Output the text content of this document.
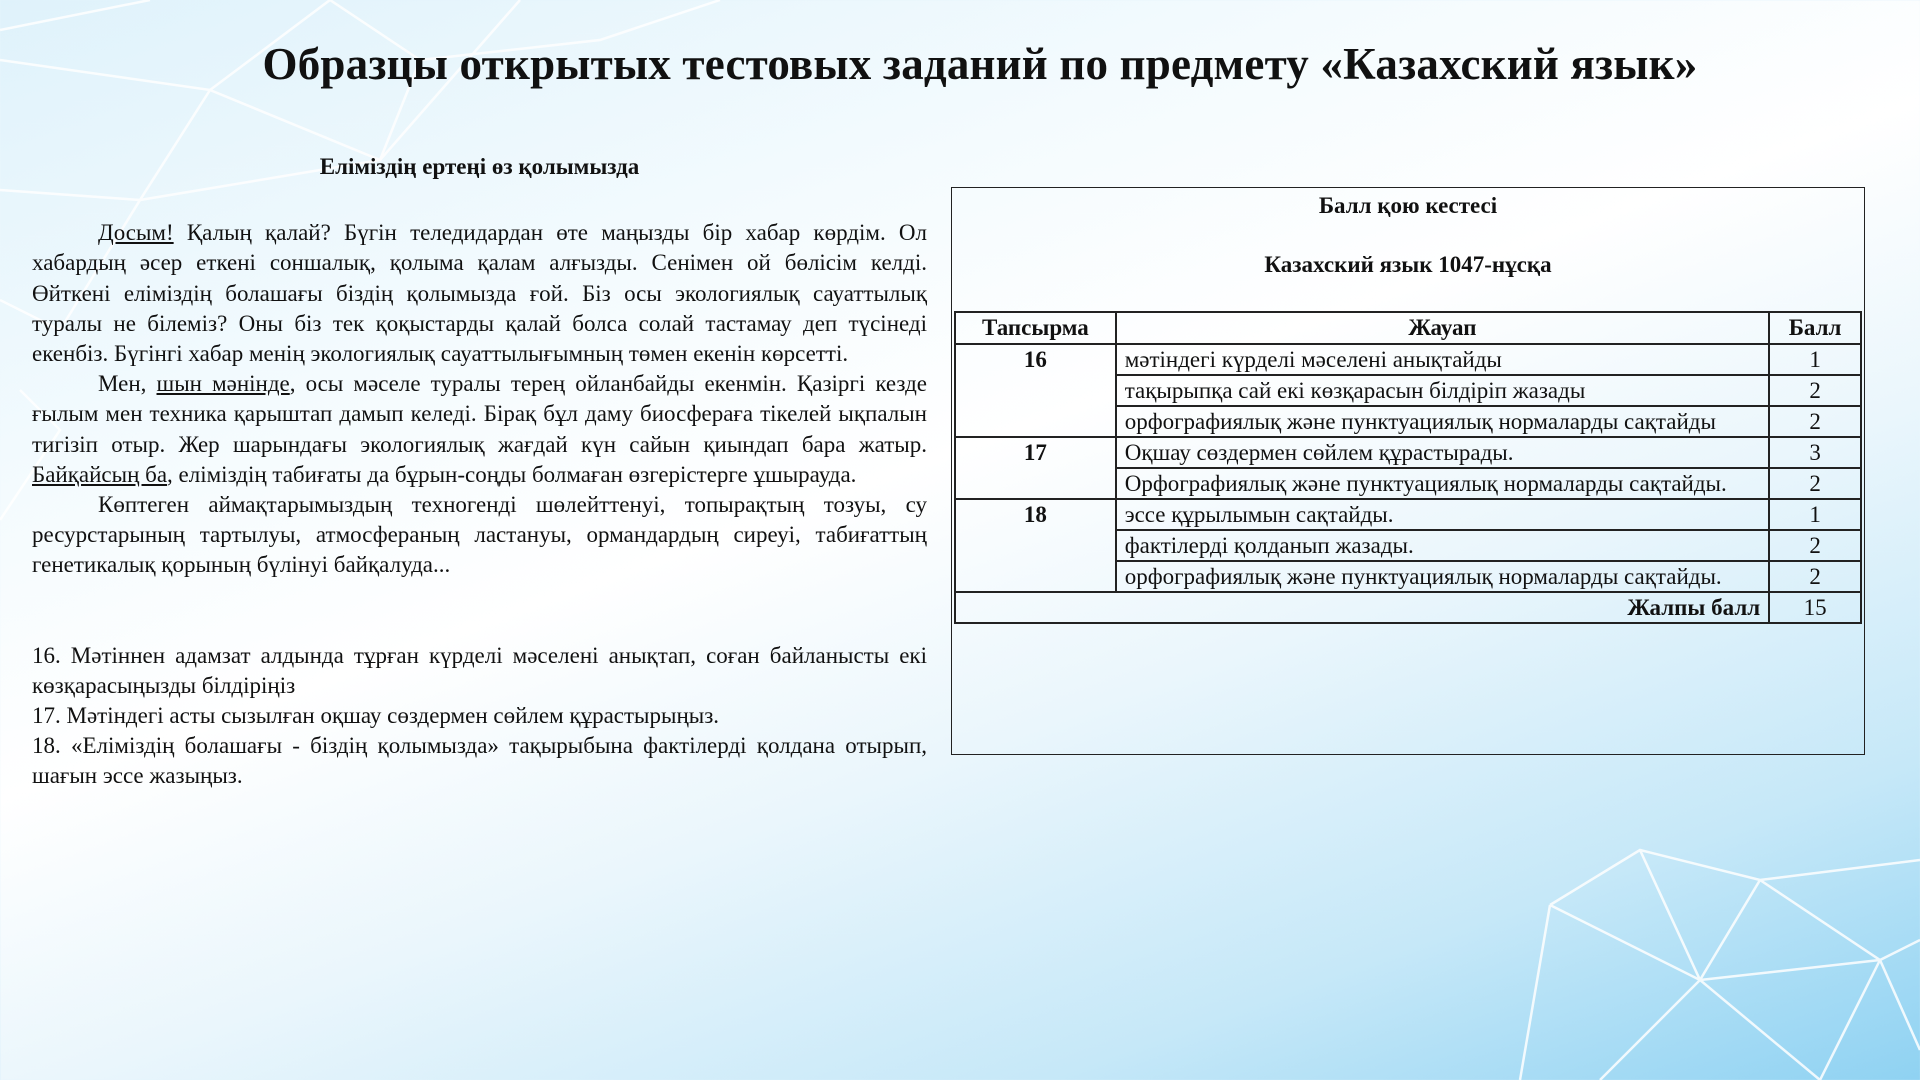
Образцы открытых тестовых заданий по предмету «Казахский язык»
Еліміздің ертеңі өз қолымызда

Досым! Қалың қалай? Бүгін теледидардан өте маңызды бір хабар көрдім. Ол хабардың әсер еткені соншалық, қолыма қалам алғызды. Сенімен ой бөлісім келді. Өйткені еліміздің болашағы біздің қолымызда ғой. Біз осы экологиялық сауаттылық туралы не білеміз? Оны біз тек қоқыстарды қалай болса солай тастамау деп түсінеді екенбіз. Бүгінгі хабар менің экологиялық сауаттылығымның төмен екенін көрсетті.

Мен, шын мәнінде, осы мәселе туралы терең ойланбайды екенмін. Қазіргі кезде ғылым мен техника қарыштап дамып келеді. Бірақ бұл даму биосфераға тікелей ықпалын тигізіп отыр. Жер шарындағы экологиялық жағдай күн сайын қиындап бара жатыр. Байқайсың ба, еліміздің табиғаты да бұрын-соңды болмаған өзгерістерге ұшырауда.

Көптеген аймақтарымыздың техногенді шөлейттенуі, топырақтың тозуы, су ресурстарының тартылуы, атмосфераның ластануы, ормандардың сиреуі, табиғаттың генетикалық қорының бүлінуі байқалуда...

16. Мәтіннен адамзат алдында тұрған күрделі мәселені анықтап, соған байланысты екі көзқарасыңызды білдіріңіз

17. Мәтіндегі асты сызылған оқшау сөздермен сөйлем құрастырыңыз.

18. «Еліміздің болашағы - біздің қолымызда» тақырыбына фактілерді қолдана отырып, шағын эссе жазыңыз.

Балл қою кестесі
Казахский язык 1047-нұсқа
Тапсырма	Жауап	Балл
16	мәтіндегі күрделі мәселені анықтайды	1
	тақырыпқа сай екі көзқарасын білдіріп жазады	2
	орфографиялық және пунктуациялық нормаларды сақтайды	2
17	Оқшау сөздермен сөйлем құрастырады.	3
	Орфографиялық және пунктуациялық нормаларды сақтайды.	2
18	эссе құрылымын сақтайды.	1
	фактілерді қолданып жазады.	2
	орфографиялық және пунктуациялық нормаларды сақтайды.	2
Жалпы балл		15
